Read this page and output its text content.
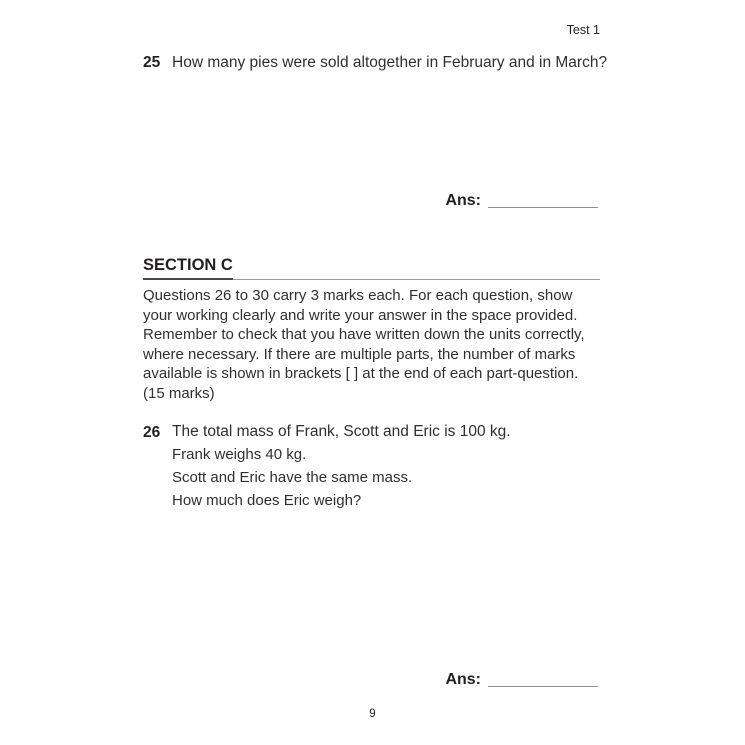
Test 1
25 How many pies were sold altogether in February and in March?
Ans:
SECTION C
Questions 26 to 30 carry 3 marks each. For each question, show
your working clearly and write your answer in the space provided.
Remember to check that you have written down the units correctly,
where necessary. If there are multiple parts, the number of marks
available is shown in brackets [ ] at the end of each part-question.
(15 marks)
26 The total mass of Frank, Scott and Eric is 100 kg.
Frank weighs 40 kg.
Scott and Eric have the same mass.
How much does Eric weigh?
Ans:
9
